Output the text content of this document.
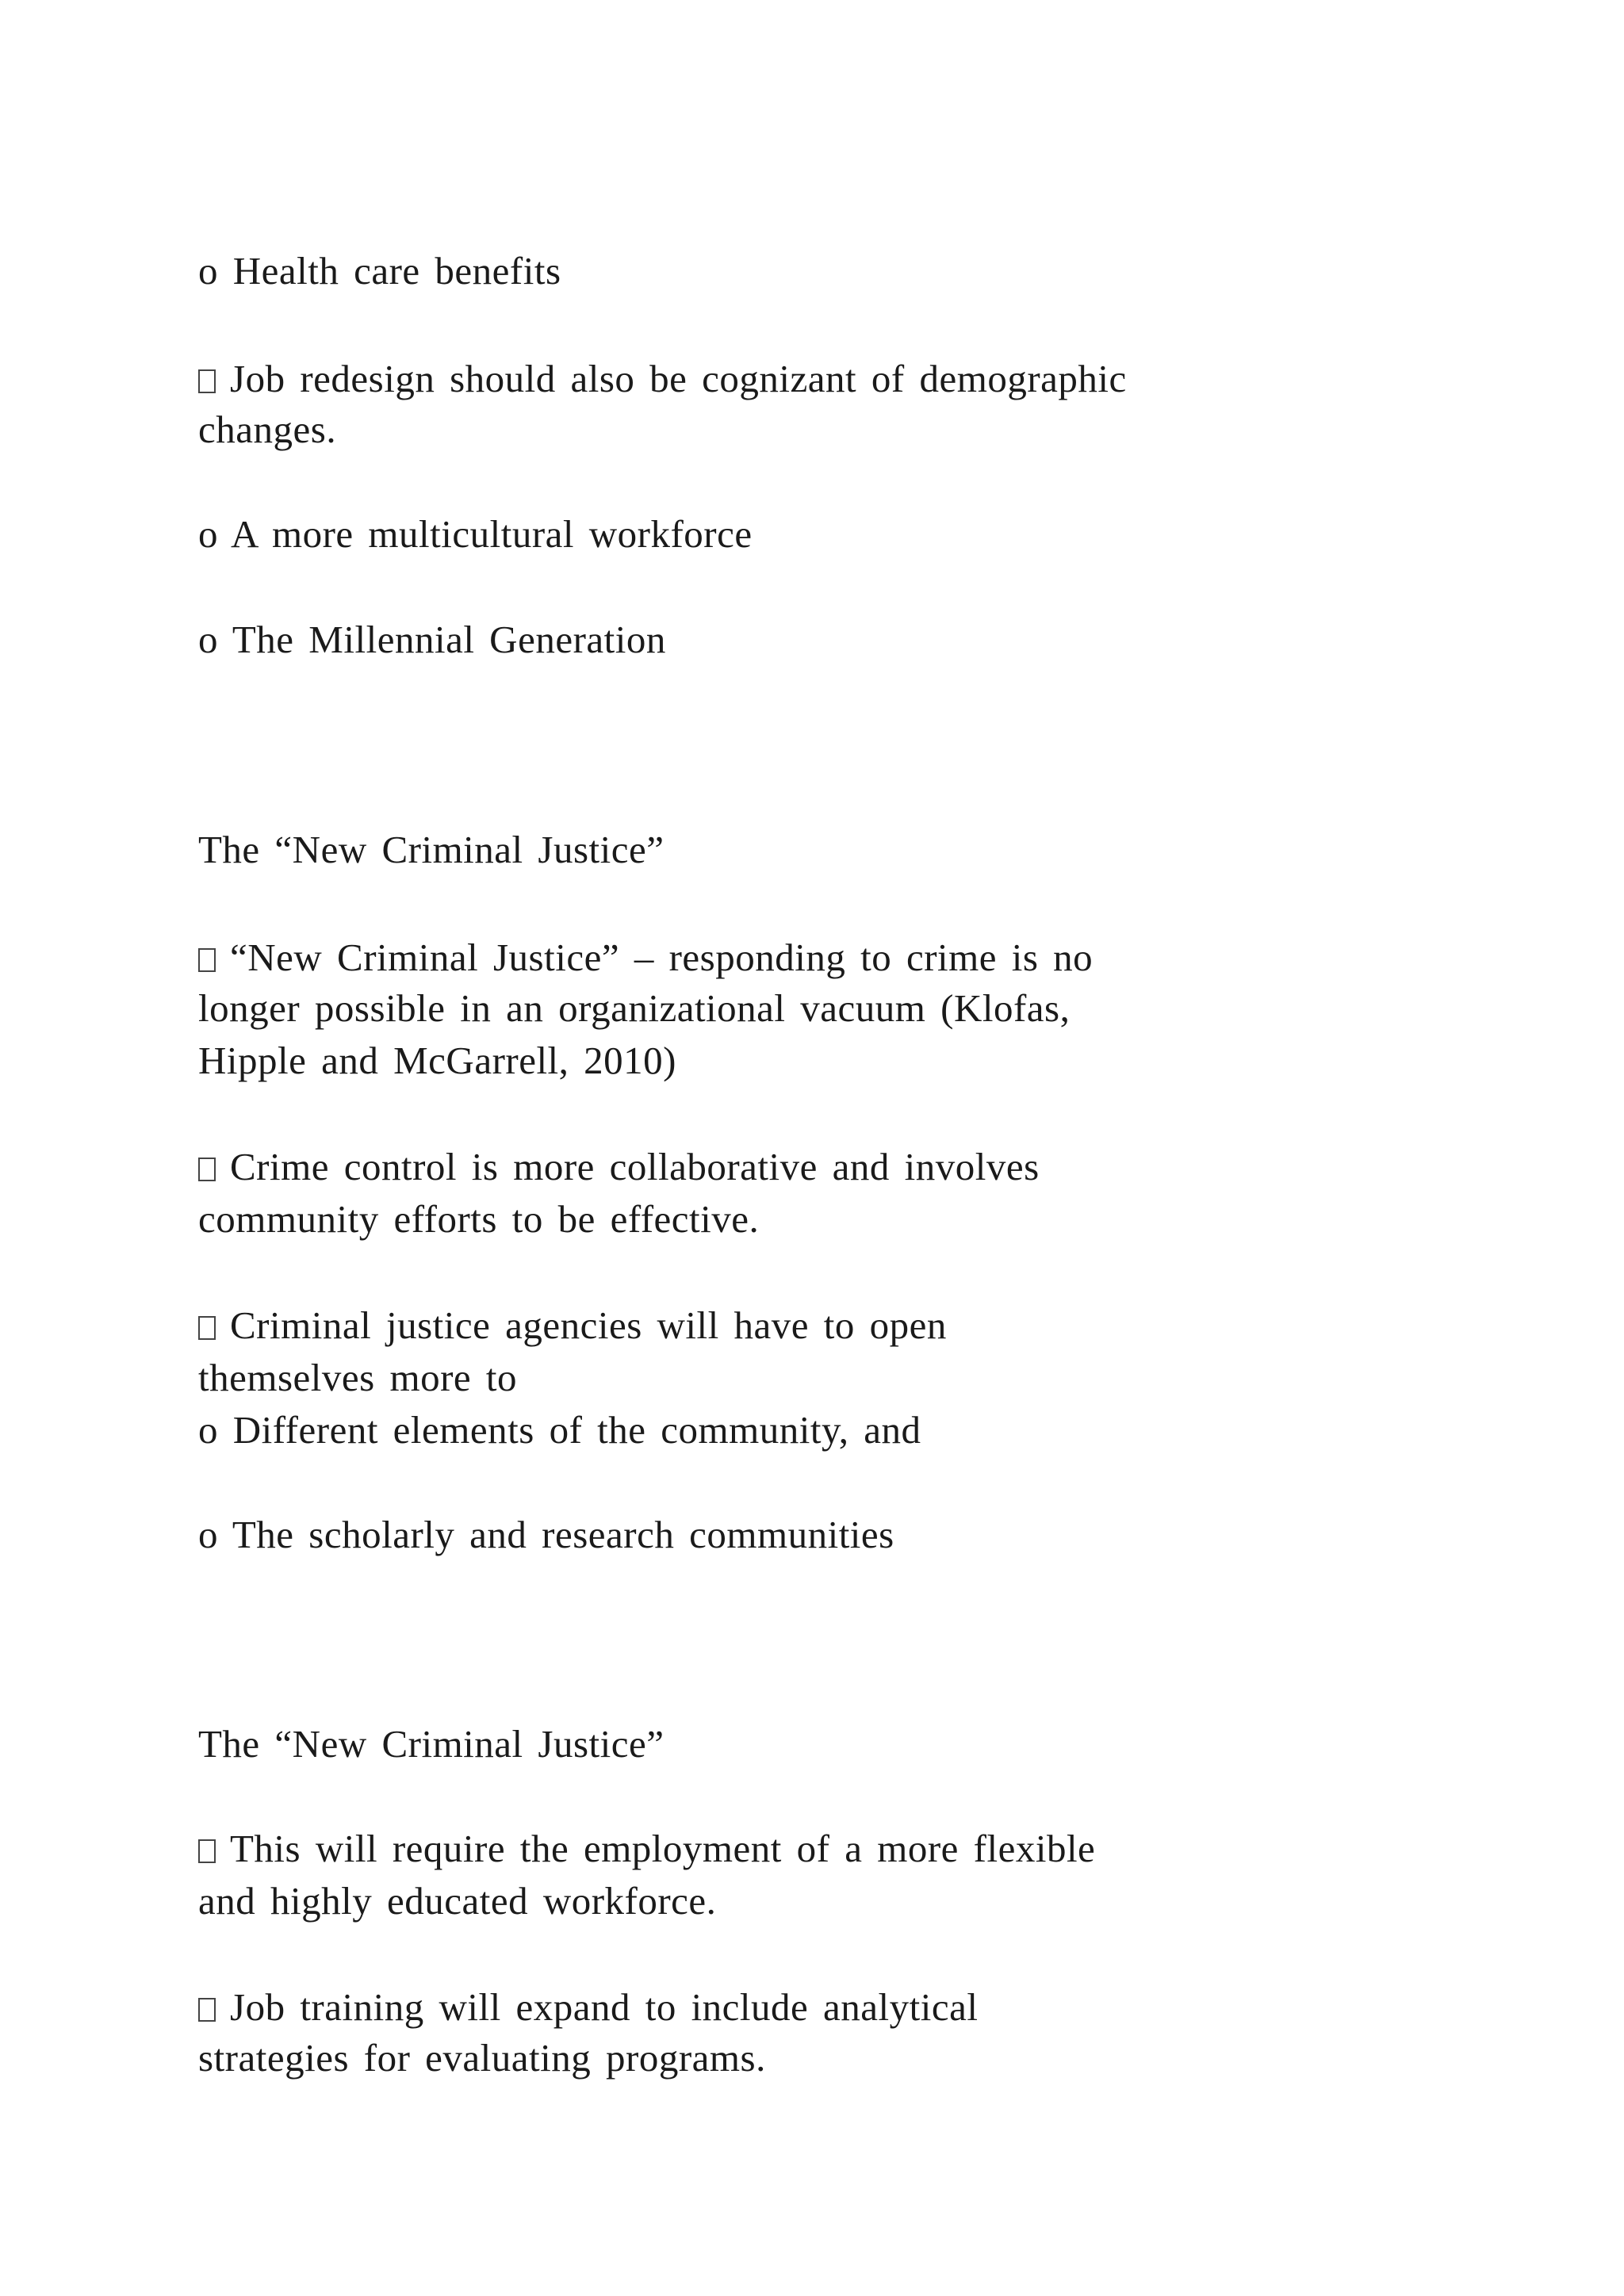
o Health care benefits
Job redesign should also be cognizant of demographic
changes.
o A more multicultural workforce
o The Millennial Generation
The “New Criminal Justice”
“New Criminal Justice” – responding to crime is no
longer possible in an organizational vacuum (Klofas,
Hipple and McGarrell, 2010)
Crime control is more collaborative and involves
community efforts to be effective.
Criminal justice agencies will have to open
themselves more to
o Different elements of the community, and
o The scholarly and research communities
The “New Criminal Justice”
This will require the employment of a more flexible
and highly educated workforce.
Job training will expand to include analytical
strategies for evaluating programs.
